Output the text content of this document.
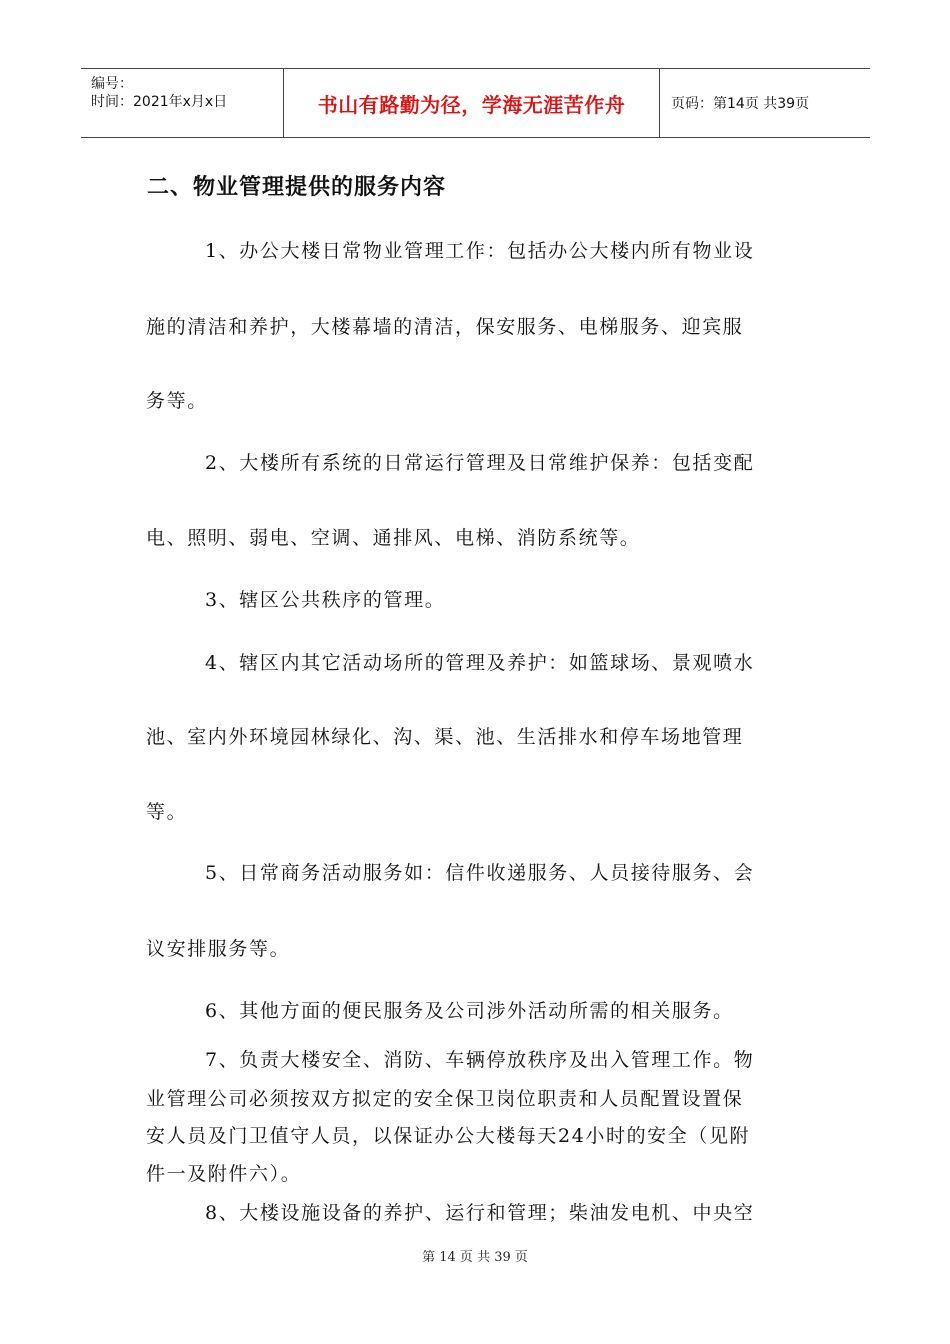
编号：
时间：2021年x月x日	书山有路勤为径，学海无涯苦作舟	页码：第14页 共39页
二、物业管理提供的服务内容
1、办公大楼日常物业管理工作：包括办公大楼内所有物业设
施的清洁和养护，大楼幕墙的清洁，保安服务、电梯服务、迎宾服
务等。
2、大楼所有系统的日常运行管理及日常维护保养：包括变配
电、照明、弱电、空调、通排风、电梯、消防系统等。
3、辖区公共秩序的管理。
4、辖区内其它活动场所的管理及养护：如篮球场、景观喷水
池、室内外环境园林绿化、沟、渠、池、生活排水和停车场地管理
等。
5、日常商务活动服务如：信件收递服务、人员接待服务、会
议安排服务等。
6、其他方面的便民服务及公司涉外活动所需的相关服务。
7、负责大楼安全、消防、车辆停放秩序及出入管理工作。物
业管理公司必须按双方拟定的安全保卫岗位职责和人员配置设置保
安人员及门卫值守人员，以保证办公大楼每天24小时的安全（见附
件一及附件六）。
8、大楼设施设备的养护、运行和管理；柴油发电机、中央空
第 14 页 共 39 页
